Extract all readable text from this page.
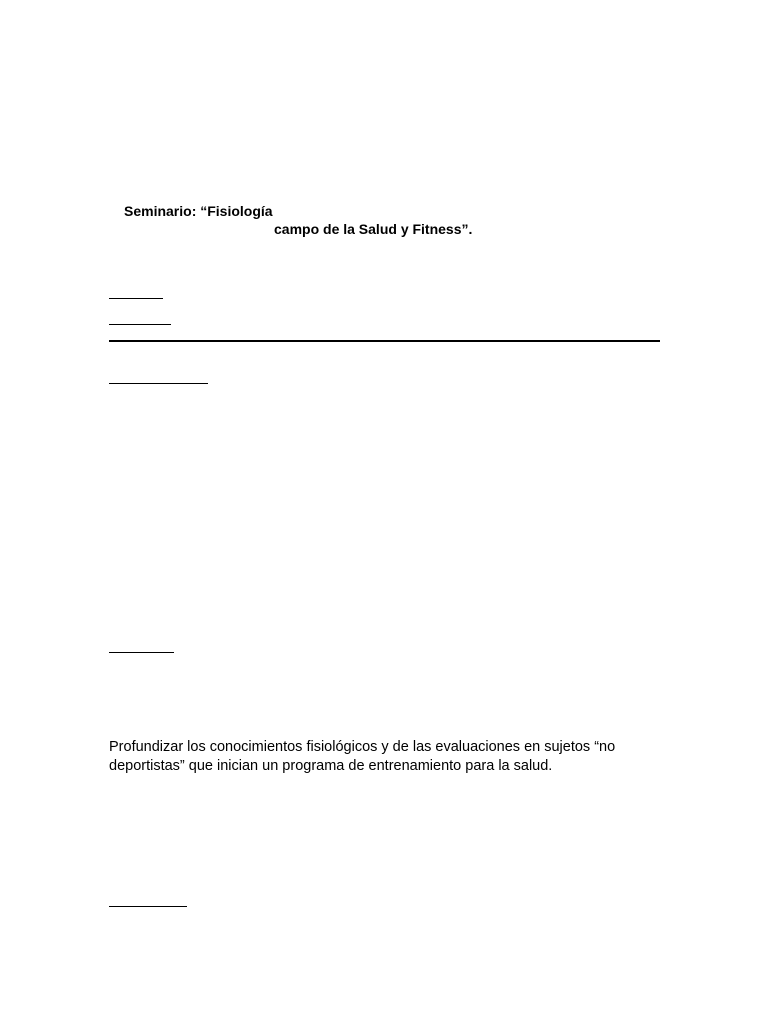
Seminario: “Fisiología
campo de la Salud y Fitness”.

Profundizar los conocimientos fisiológicos y de las evaluaciones en sujetos “no deportistas” que inician un programa de entrenamiento para la salud.
